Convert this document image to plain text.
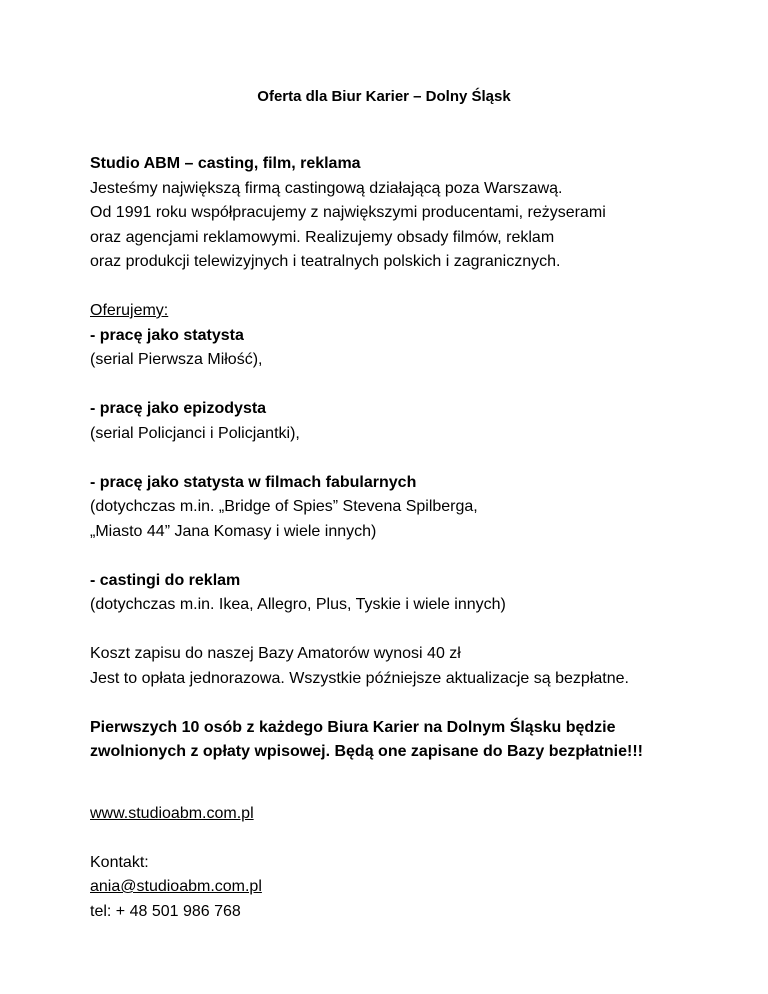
Oferta dla Biur Karier – Dolny Śląsk
Studio ABM – casting, film, reklama
Jesteśmy największą firmą castingową działającą poza Warszawą.
Od 1991 roku współpracujemy z największymi producentami, reżyserami
oraz agencjami reklamowymi. Realizujemy obsady filmów, reklam
oraz produkcji telewizyjnych i teatralnych polskich i zagranicznych.
Oferujemy:
- pracę jako statysta
(serial Pierwsza Miłość),
- pracę jako epizodysta
(serial Policjanci i Policjantki),
- pracę jako statysta w filmach fabularnych
(dotychczas m.in. „Bridge of Spies” Stevena Spilberga,
„Miasto 44” Jana Komasy i wiele innych)
- castingi do reklam
(dotychczas m.in. Ikea, Allegro, Plus, Tyskie i wiele innych)
Koszt zapisu do naszej Bazy Amatorów wynosi 40 zł
Jest to opłata jednorazowa. Wszystkie późniejsze aktualizacje są bezpłatne.
Pierwszych 10 osób z każdego Biura Karier na Dolnym Śląsku będzie
zwolnionych z opłaty wpisowej. Będą one zapisane do Bazy bezpłatnie!!!
www.studioabm.com.pl
Kontakt:
ania@studioabm.com.pl
tel: + 48 501 986 768
